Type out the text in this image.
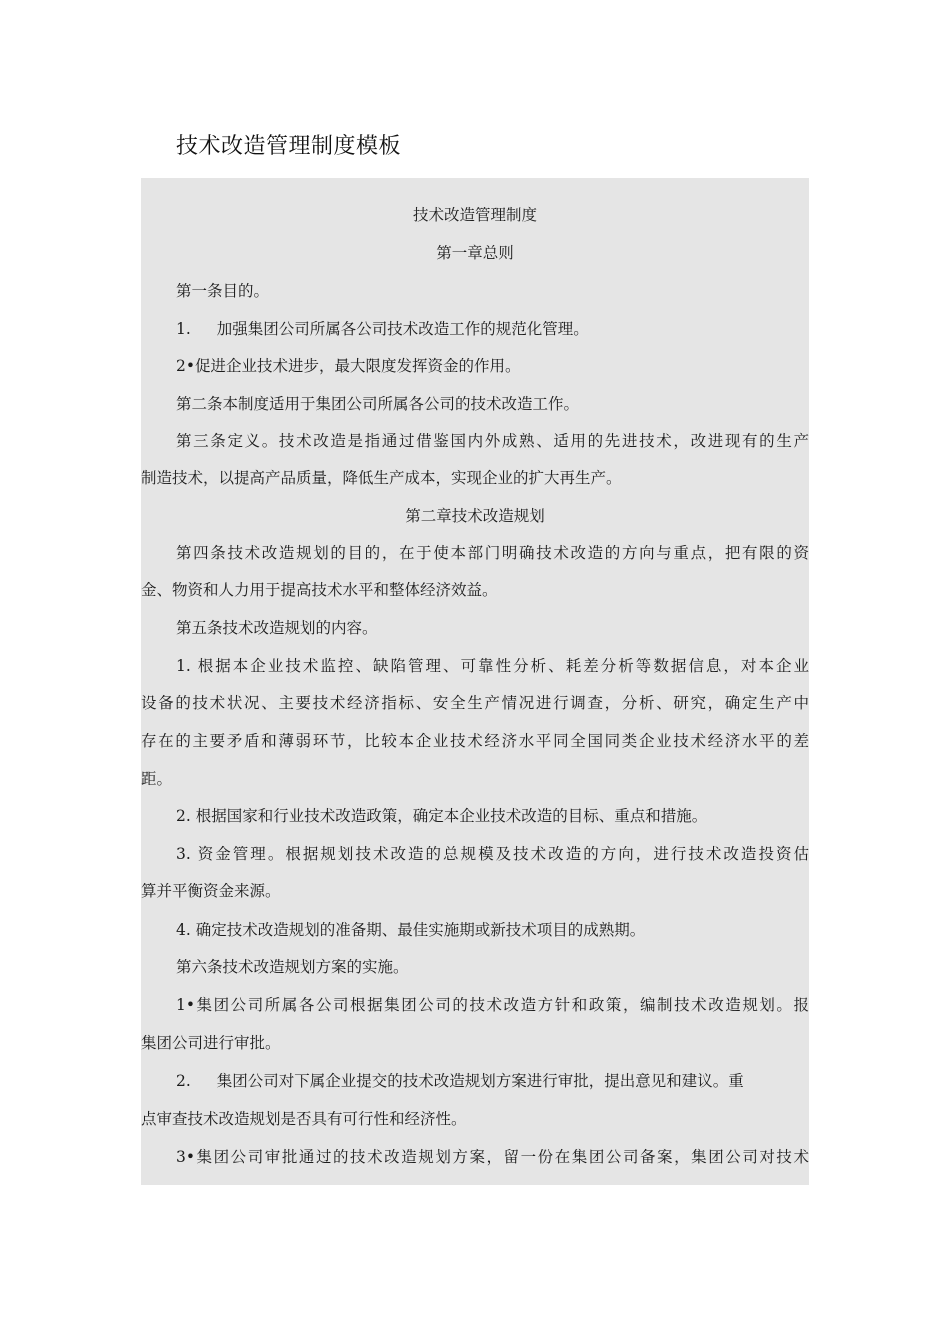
技术改造管理制度模板
技术改造管理制度
第一章总则
第一条目的。
1. 加强集团公司所属各公司技术改造工作的规范化管理。
2•促进企业技术进步，最大限度发挥资金的作用。
第二条本制度适用于集团公司所属各公司的技术改造工作。
第三条定义。技术改造是指通过借鉴国内外成熟、适用的先进技术，改进现有的生产
制造技术，以提高产品质量，降低生产成本，实现企业的扩大再生产。
第二章技术改造规划
第四条技术改造规划的目的，在于使本部门明确技术改造的方向与重点，把有限的资
金、物资和人力用于提高技术水平和整体经济效益。
第五条技术改造规划的内容。
1. 根据本企业技术监控、缺陷管理、可靠性分析、耗差分析等数据信息，对本企业
设备的技术状况、主要技术经济指标、安全生产情况进行调查，分析、研究，确定生产中
存在的主要矛盾和薄弱环节，比较本企业技术经济水平同全国同类企业技术经济水平的差
距。
2. 根据国家和行业技术改造政策，确定本企业技术改造的目标、重点和措施。
3. 资金管理。根据规划技术改造的总规模及技术改造的方向，进行技术改造投资估
算并平衡资金来源。
4. 确定技术改造规划的准备期、最佳实施期或新技术项目的成熟期。
第六条技术改造规划方案的实施。
1•集团公司所属各公司根据集团公司的技术改造方针和政策，编制技术改造规划。报
集团公司进行审批。
2. 集团公司对下属企业提交的技术改造规划方案进行审批，提出意见和建议。重
点审查技术改造规划是否具有可行性和经济性。
3•集团公司审批通过的技术改造规划方案，留一份在集团公司备案，集团公司对技术
